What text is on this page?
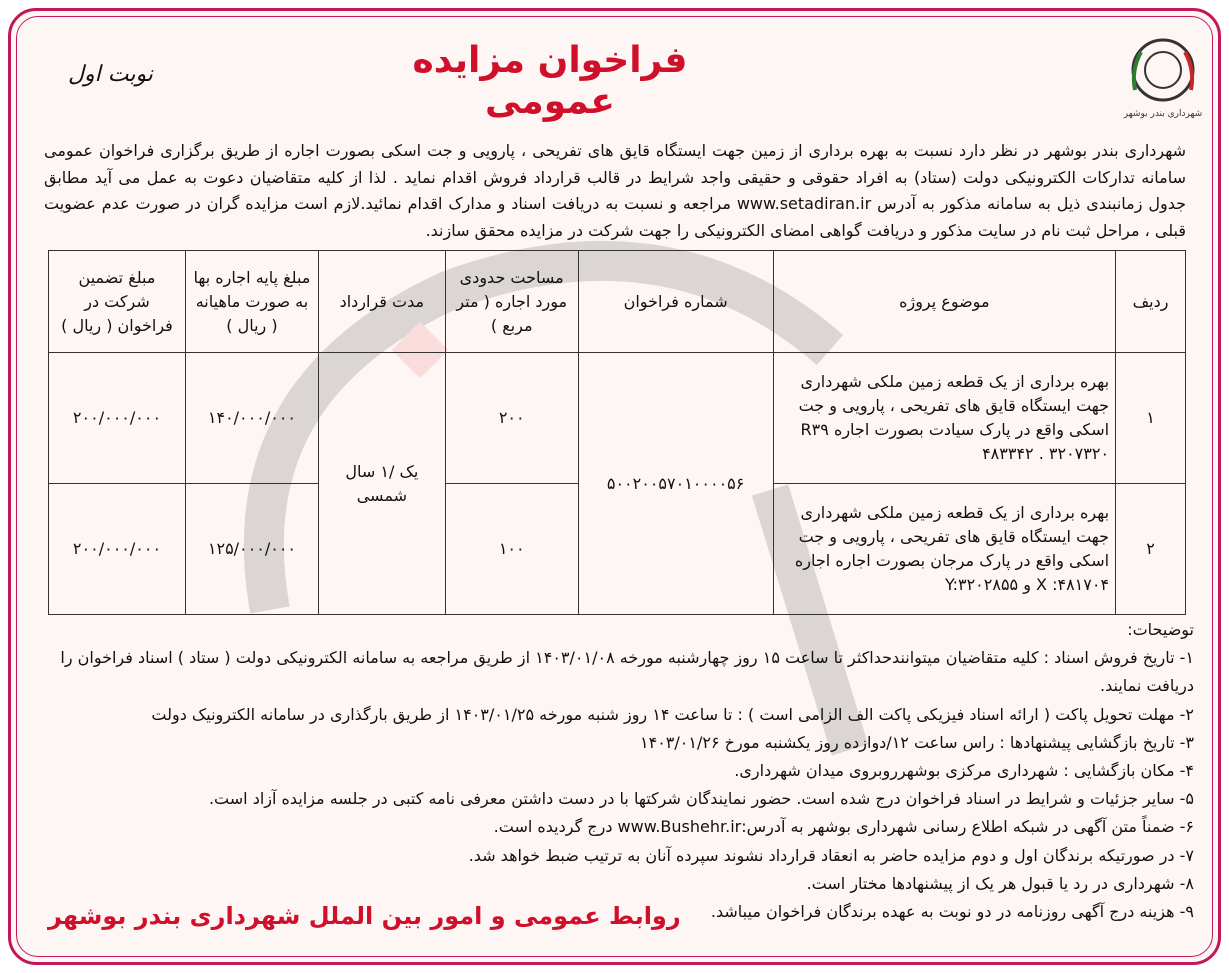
شهرداری بندر بوشهر
فراخوان مزایده عمومی
نوبت اول
شهرداری بندر بوشهر در نظر دارد نسبت به بهره برداری از زمین جهت ایستگاه قایق های تفریحی ، پارویی و جت اسکی بصورت اجاره از طریق برگزاری فراخوان عمومی سامانه تدارکات الکترونیکی دولت (ستاد) به افراد حقوقی و حقیقی واجد شرایط در قالب قرارداد فروش اقدام نماید . لذا از کلیه متقاضیان دعوت به عمل می آید مطابق جدول زمانبندی ذیل به سامانه مذکور به آدرس www.setadiran.ir مراجعه و نسبت به دریافت اسناد و مدارک اقدام نمائید.لازم است مزایده گران در صورت عدم عضویت قبلی ، مراحل ثبت نام در سایت مذکور و دریافت گواهی امضای الکترونیکی را جهت شرکت در مزایده محقق سازند.
ردیف	موضوع پروژه	شماره فراخوان	مساحت حدودی مورد اجاره ( متر مربع )	مدت قرارداد	مبلغ پایه اجاره بها به صورت ماهیانه ( ریال )	مبلغ تضمین شرکت در فراخوان ( ریال )
۱	بهره برداری از یک قطعه زمین ملکی شهرداری جهت ایستگاه قایق های تفریحی ، پارویی و جت اسکی واقع در پارک سیادت بصورت اجاره R۳۹ ۴۸۳۳۴۲ . ۳۲۰۷۳۲۰	۵۰۰۲۰۰۵۷۰۱۰۰۰۰۵۶	۲۰۰	یک /۱ سال شمسی	۱۴۰/۰۰۰/۰۰۰	۲۰۰/۰۰۰/۰۰۰
۲	بهره برداری از یک قطعه زمین ملکی شهرداری جهت ایستگاه قایق های تفریحی ، پارویی و جت اسکی واقع در پارک مرجان بصورت اجاره اجاره X :۴۸۱۷۰۴ و Y:۳۲۰۲۸۵۵		۱۰۰		۱۲۵/۰۰۰/۰۰۰	۲۰۰/۰۰۰/۰۰۰

توضیحات:

۱- تاریخ فروش اسناد : کلیه متقاضیان میتوانندحداکثر تا ساعت ۱۵ روز چهارشنبه مورخه ۱۴۰۳/۰۱/۰۸ از طریق مراجعه به سامانه الکترونیکی دولت ( ستاد ) اسناد فراخوان را دریافت نمایند.

۲- مهلت تحویل پاکت ( ارائه اسناد فیزیکی پاکت الف الزامی است ) : تا ساعت ۱۴ روز شنبه مورخه ۱۴۰۳/۰۱/۲۵ از طریق بارگذاری در سامانه الکترونیک دولت

۳- تاریخ بازگشایی پیشنهادها : راس ساعت ۱۲/دوازده روز یکشنبه مورخ ۱۴۰۳/۰۱/۲۶

۴- مکان بازگشایی : شهرداری مرکزی بوشهرروبروی میدان شهرداری.

۵- سایر جزئیات و شرایط در اسناد فراخوان درج شده است. حضور نمایندگان شرکتها با در دست داشتن معرفی نامه کتبی در جلسه مزایده آزاد است.

۶- ضمناً متن آگهی در شبکه اطلاع رسانی شهرداری بوشهر به آدرس:www.Bushehr.ir درج گردیده است.

۷- در صورتیکه برندگان اول و دوم مزایده حاضر به انعقاد قرارداد نشوند سپرده آنان به ترتیب ضبط خواهد شد.

۸- شهرداری در رد یا قبول هر یک از پیشنهادها مختار است.

۹- هزینه درج آگهی روزنامه در دو نوبت به عهده برندگان فراخوان میباشد.

روابط عمومی و امور بین الملل شهرداری بندر بوشهر
